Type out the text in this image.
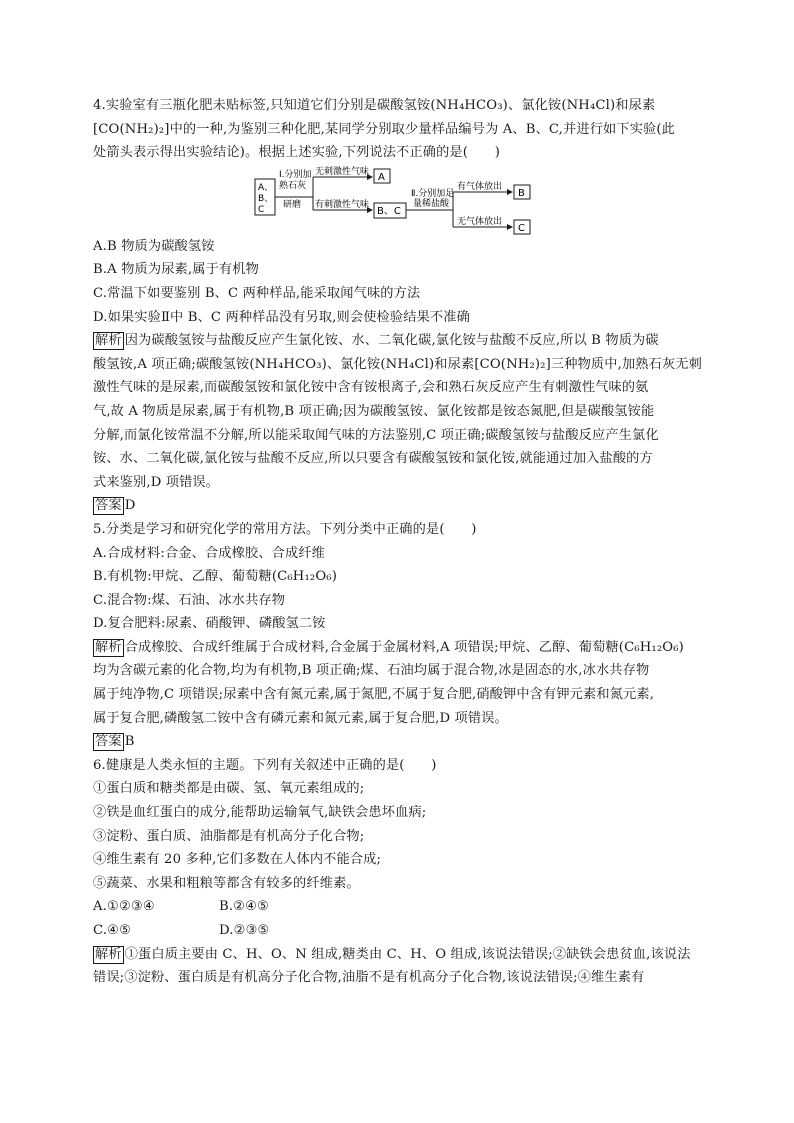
4.实验室有三瓶化肥未贴标签,只知道它们分别是碳酸氢铵(NH₄HCO₃)、氯化铵(NH₄Cl)和尿素

[CO(NH₂)₂]中的一种,为鉴别三种化肥,某同学分别取少量样品编号为 A、B、C,并进行如下实验(此

处箭头表示得出实验结论)。根据上述实验,下列说法不正确的是(　　)

A、
B、
C
Ⅰ.分别加
熟石灰
研磨
无刺激性气味
有刺激性气味
A
B、C
Ⅱ.分别加足
量稀盐酸
有气体放出
无气体放出
B
C

A.B 物质为碳酸氢铵

B.A 物质为尿素,属于有机物

C.常温下如要鉴别 B、C 两种样品,能采取闻气味的方法

D.如果实验Ⅱ中 B、C 两种样品没有另取,则会使检验结果不准确

解析 因为碳酸氢铵与盐酸反应产生氯化铵、水、二氧化碳,氯化铵与盐酸不反应,所以 B 物质为碳

酸氢铵,A 项正确;碳酸氢铵(NH₄HCO₃)、氯化铵(NH₄Cl)和尿素[CO(NH₂)₂]三种物质中,加熟石灰无刺

激性气味的是尿素,而碳酸氢铵和氯化铵中含有铵根离子,会和熟石灰反应产生有刺激性气味的氨

气,故 A 物质是尿素,属于有机物,B 项正确;因为碳酸氢铵、氯化铵都是铵态氮肥,但是碳酸氢铵能

分解,而氯化铵常温不分解,所以能采取闻气味的方法鉴别,C 项正确;碳酸氢铵与盐酸反应产生氯化

铵、水、二氧化碳,氯化铵与盐酸不反应,所以只要含有碳酸氢铵和氯化铵,就能通过加入盐酸的方

式来鉴别,D 项错误。

答案 D

5.分类是学习和研究化学的常用方法。下列分类中正确的是(　　)

A.合成材料:合金、合成橡胶、合成纤维

B.有机物:甲烷、乙醇、葡萄糖(C₆H₁₂O₆)

C.混合物:煤、石油、冰水共存物

D.复合肥料:尿素、硝酸钾、磷酸氢二铵

解析 合成橡胶、合成纤维属于合成材料,合金属于金属材料,A 项错误;甲烷、乙醇、葡萄糖(C₆H₁₂O₆)

均为含碳元素的化合物,均为有机物,B 项正确;煤、石油均属于混合物,冰是固态的水,冰水共存物

属于纯净物,C 项错误;尿素中含有氮元素,属于氮肥,不属于复合肥,硝酸钾中含有钾元素和氮元素,

属于复合肥,磷酸氢二铵中含有磷元素和氮元素,属于复合肥,D 项错误。

答案 B

6.健康是人类永恒的主题。下列有关叙述中正确的是(　　)

①蛋白质和糖类都是由碳、氢、氧元素组成的;

②铁是血红蛋白的成分,能帮助运输氧气,缺铁会患坏血病;

③淀粉、蛋白质、油脂都是有机高分子化合物;

④维生素有 20 多种,它们多数在人体内不能合成;

⑤蔬菜、水果和粗粮等都含有较多的纤维素。

A.①②③④	B.②④⑤

C.④⑤	D.②③⑤

解析 ①蛋白质主要由 C、H、O、N 组成,糖类由 C、H、O 组成,该说法错误;②缺铁会患贫血,该说法

错误;③淀粉、蛋白质是有机高分子化合物,油脂不是有机高分子化合物,该说法错误;④维生素有
